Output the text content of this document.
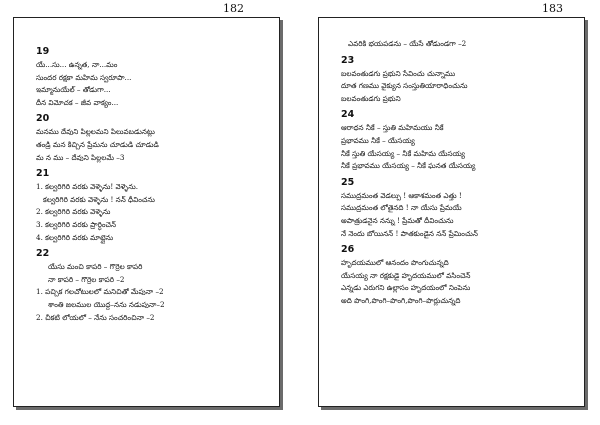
182	183
19
యే...సు... ఉన్నత, నా...మం
సుందర రక్షకా మహిమ స్వరూపా...
ఇమ్మానుయేల్ – తోడుగా...
దీన విమోచక – జీవ వాక్యం...
20
మనము దేవుని పిల్లలమని పిలువబడునట్లు
తండ్రి మన కిచ్చిన ప్రేమను చూడుడి చూడుడి
మ న ము – దేవుని పిల్లలమే –3
21
1. కల్వరిగిరి వరకు వెళ్ళెను! వెళ్ళెను.
కల్వరిగిరి వరకు వెళ్ళెను ! నన్ ధీవించను
2. కల్వరిగిరి వరకు వెళ్ళెను
3. కల్వరిగిరి వరకు ప్రార్ధించెన్
4. కల్వరిగిరి వరకు మాట్లైను
22
యేసు మంచి కాపరి – గొర్రెల కాపరి
నా కాపరి – గొర్రెల కాపరి –2
1. పచ్చిక గలచోటులలో మనిచితో మేపునా –2
శాంతి జలముల యొద్ద–నను నడుపునా–2
2. చీకటి లోయలో – నేను సంచరించినా –2
ఎవరికి భయపడను – యేసే తోడుండగా –2
23
బలవంతుడగు ప్రభుని సేవించు చున్నాము
దూత గణము వైక్యున సంస్తుతియారాధించును
బలవంతుడగు ప్రభుని
24
ఆరాధన నీకే – స్తుతి మహిమయు నీకే
ప్రభావము నీకే – యేసయ్య
నీకే స్తుతి యేసయ్య – నీకే మహిమ యేసయ్య
నీకే ప్రభావము యేసయ్య – నీకే ఘనత యేసయ్య
25
సముద్రమంత వెడల్పు ! ఆకాశమంత ఎత్తు !
సముద్రమంత లోతైనది ! నా యేసు ప్రేమయే
అపాత్రుడనైన నన్ను ! ప్రేమతో దీవించును
నే నెందు బోయినన్ ! పాతకుండైన నన్ ప్రేమించున్
26
హృదయములో ఆనందం పొంగుచున్నది
యేసయ్య నా రక్షకుడై హృదయములో వసించెన్
ఎన్నడు ఎరుగని ఉల్లాసం హృదయంలో నింపెను
అది పొంగి,పొంగి–పొంగి,పొంగి–పొర్లుచున్నది
